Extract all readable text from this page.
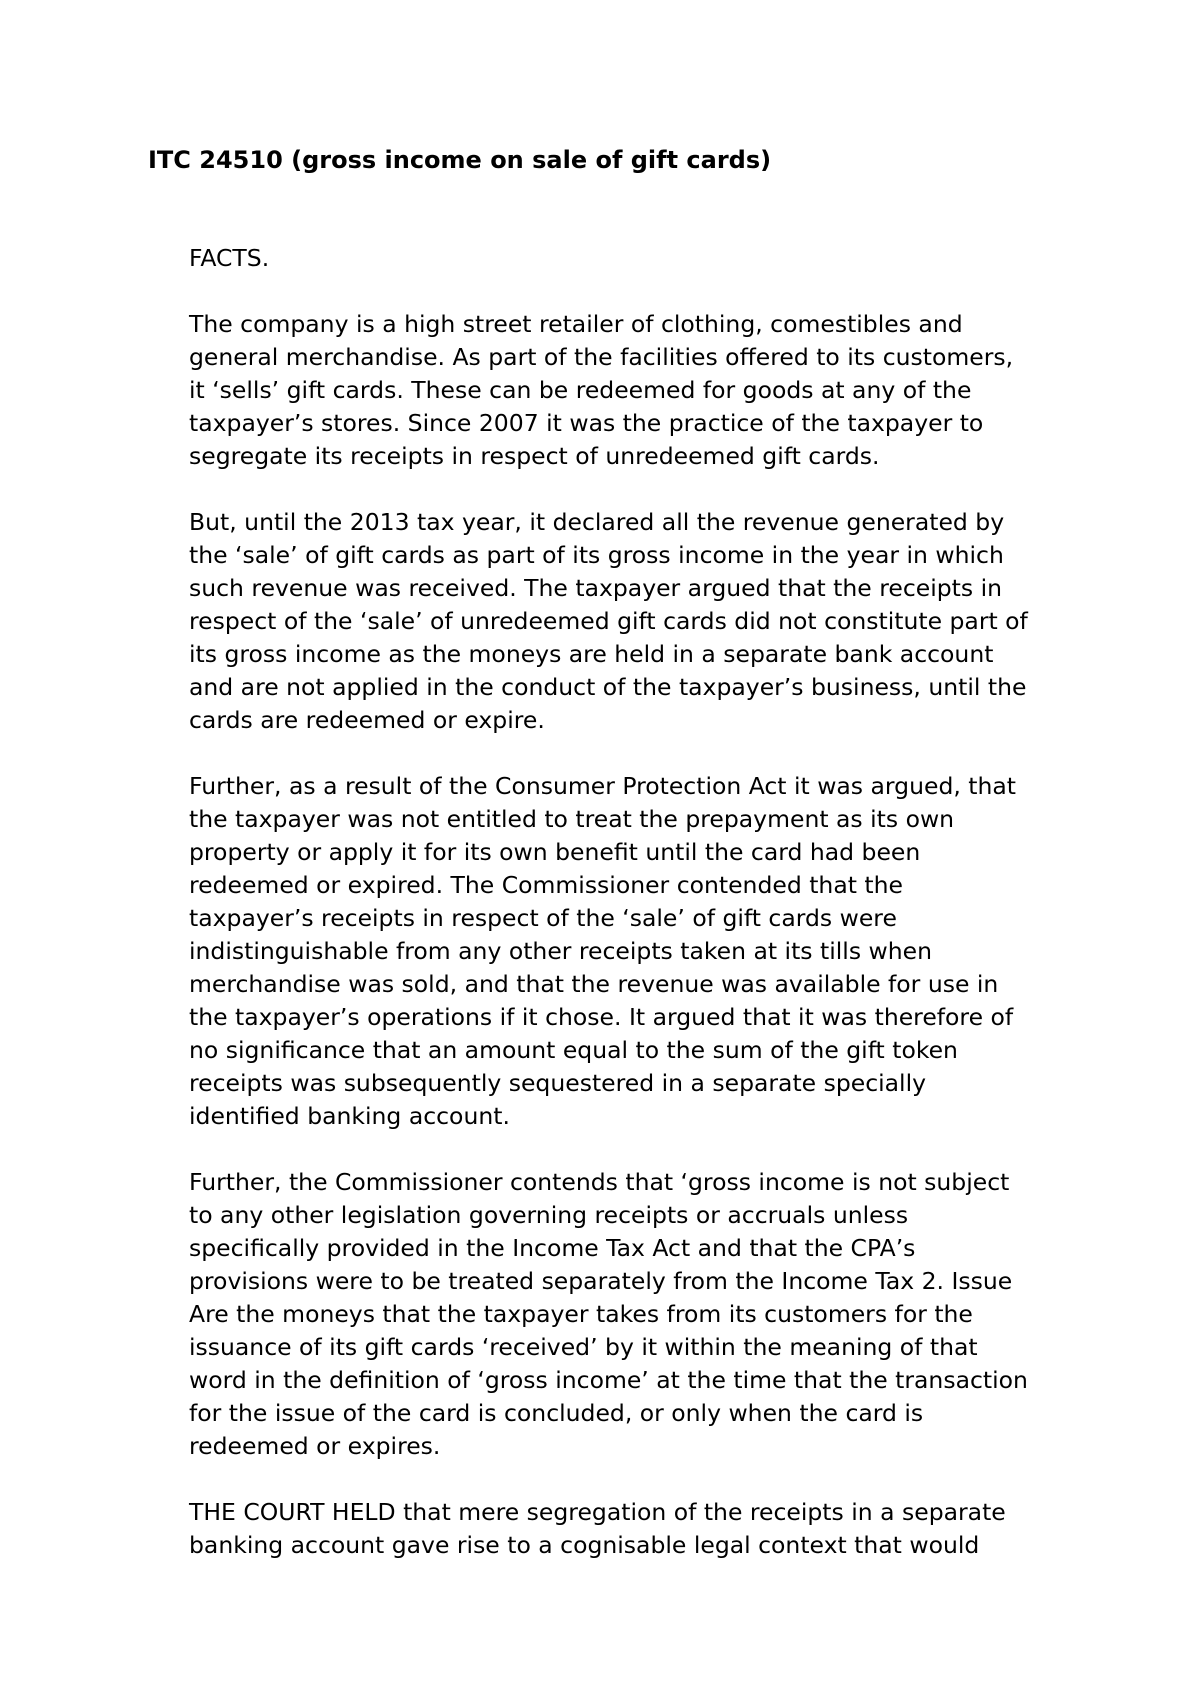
ITC 24510 (gross income on sale of gift cards)

FACTS.

The company is a high street retailer of clothing, comestibles and
general merchandise. As part of the facilities offered to its customers,
it ‘sells’ gift cards. These can be redeemed for goods at any of the
taxpayer’s stores. Since 2007 it was the practice of the taxpayer to
segregate its receipts in respect of unredeemed gift cards.

But, until the 2013 tax year, it declared all the revenue generated by
the ‘sale’ of gift cards as part of its gross income in the year in which
such revenue was received. The taxpayer argued that the receipts in
respect of the ‘sale’ of unredeemed gift cards did not constitute part of
its gross income as the moneys are held in a separate bank account
and are not applied in the conduct of the taxpayer’s business, until the
cards are redeemed or expire.

Further, as a result of the Consumer Protection Act it was argued, that
the taxpayer was not entitled to treat the prepayment as its own
property or apply it for its own benefit until the card had been
redeemed or expired. The Commissioner contended that the
taxpayer’s receipts in respect of the ‘sale’ of gift cards were
indistinguishable from any other receipts taken at its tills when
merchandise was sold, and that the revenue was available for use in
the taxpayer’s operations if it chose. It argued that it was therefore of
no significance that an amount equal to the sum of the gift token
receipts was subsequently sequestered in a separate specially
identified banking account.

Further, the Commissioner contends that ‘gross income is not subject
to any other legislation governing receipts or accruals unless
specifically provided in the Income Tax Act and that the CPA’s
provisions were to be treated separately from the Income Tax 2. Issue
Are the moneys that the taxpayer takes from its customers for the
issuance of its gift cards ‘received’ by it within the meaning of that
word in the definition of ‘gross income’ at the time that the transaction
for the issue of the card is concluded, or only when the card is
redeemed or expires.

THE COURT HELD that mere segregation of the receipts in a separate
banking account gave rise to a cognisable legal context that would
